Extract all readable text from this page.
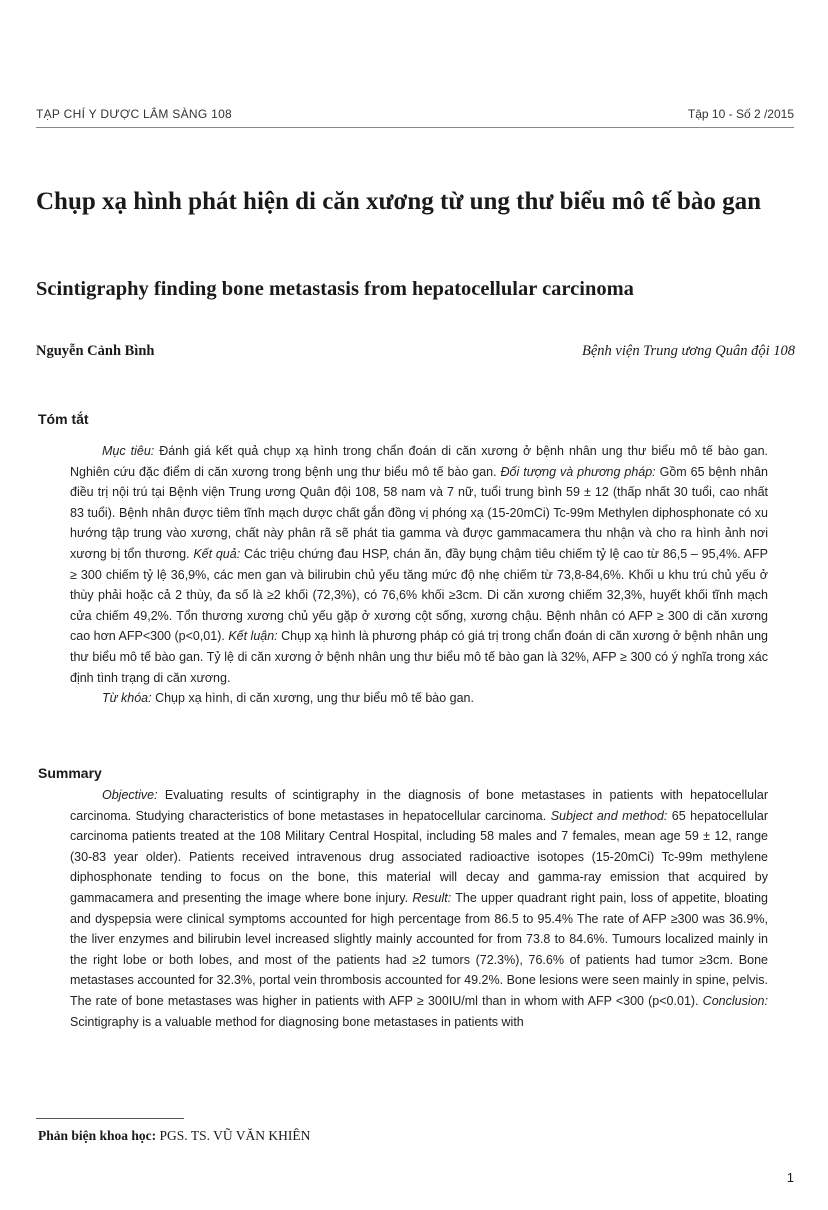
TẠP CHÍ Y DƯỢC LÂM SÀNG 108	Tập 10 - Số 2 /2015
Chụp xạ hình phát hiện di căn xương từ ung thư biểu mô tế bào gan
Scintigraphy finding bone metastasis from hepatocellular carcinoma
Nguyễn Cảnh Bình	Bệnh viện Trung ương Quân đội 108
Tóm tắt

Mục tiêu: Đánh giá kết quả chụp xạ hình trong chẩn đoán di căn xương ở bệnh nhân ung thư biểu mô tế bào gan. Nghiên cứu đặc điểm di căn xương trong bệnh ung thư biểu mô tế bào gan. Đối tượng và phương pháp: Gồm 65 bệnh nhân điều trị nội trú tại Bệnh viện Trung ương Quân đội 108, 58 nam và 7 nữ, tuổi trung bình 59 ± 12 (thấp nhất 30 tuổi, cao nhất 83 tuổi). Bệnh nhân được tiêm tĩnh mạch dược chất gắn đồng vị phóng xạ (15-20mCi) Tc-99m Methylen diphosphonate có xu hướng tập trung vào xương, chất này phân rã sẽ phát tia gamma và được gammacamera thu nhận và cho ra hình ảnh nơi xương bị tổn thương. Kết quả: Các triệu chứng đau HSP, chán ăn, đầy bụng chậm tiêu chiếm tỷ lệ cao từ 86,5 – 95,4%. AFP ≥ 300 chiếm tỷ lệ 36,9%, các men gan và bilirubin chủ yếu tăng mức độ nhẹ chiếm từ 73,8-84,6%. Khối u khu trú chủ yếu ở thùy phải hoặc cả 2 thùy, đa số là ≥2 khối (72,3%), có 76,6% khối ≥3cm. Di căn xương chiếm 32,3%, huyết khối tĩnh mạch cửa chiếm 49,2%. Tổn thương xương chủ yếu gặp ở xương cột sống, xương chậu. Bệnh nhân có AFP ≥ 300 di căn xương cao hơn AFP<300 (p<0,01). Kết luận: Chụp xạ hình là phương pháp có giá trị trong chẩn đoán di căn xương ở bệnh nhân ung thư biểu mô tế bào gan. Tỷ lệ di căn xương ở bệnh nhân ung thư biểu mô tế bào gan là 32%, AFP ≥ 300 có ý nghĩa trong xác định tình trạng di căn xương.

Từ khóa: Chụp xạ hình, di căn xương, ung thư biểu mô tế bào gan.

Summary

Objective: Evaluating results of scintigraphy in the diagnosis of bone metastases in patients with hepatocellular carcinoma. Studying characteristics of bone metastases in hepatocellular carcinoma. Subject and method: 65 hepatocellular carcinoma patients treated at the 108 Military Central Hospital, including 58 males and 7 females, mean age 59 ± 12, range (30-83 year older). Patients received intravenous drug associated radioactive isotopes (15-20mCi) Tc-99m methylene diphosphonate tending to focus on the bone, this material will decay and gamma-ray emission that acquired by gammacamera and presenting the image where bone injury. Result: The upper quadrant right pain, loss of appetite, bloating and dyspepsia were clinical symptoms accounted for high percentage from 86.5 to 95.4% The rate of AFP ≥300 was 36.9%, the liver enzymes and bilirubin level increased slightly mainly accounted for from 73.8 to 84.6%. Tumours localized mainly in the right lobe or both lobes, and most of the patients had ≥2 tumors (72.3%), 76.6% of patients had tumor ≥3cm. Bone metastases accounted for 32.3%, portal vein thrombosis accounted for 49.2%. Bone lesions were seen mainly in spine, pelvis. The rate of bone metastases was higher in patients with AFP ≥ 300IU/ml than in whom with AFP <300 (p<0.01). Conclusion: Scintigraphy is a valuable method for diagnosing bone metastases in patients with

Phản biện khoa học: PGS. TS. VŨ VĂN KHIÊN
1
